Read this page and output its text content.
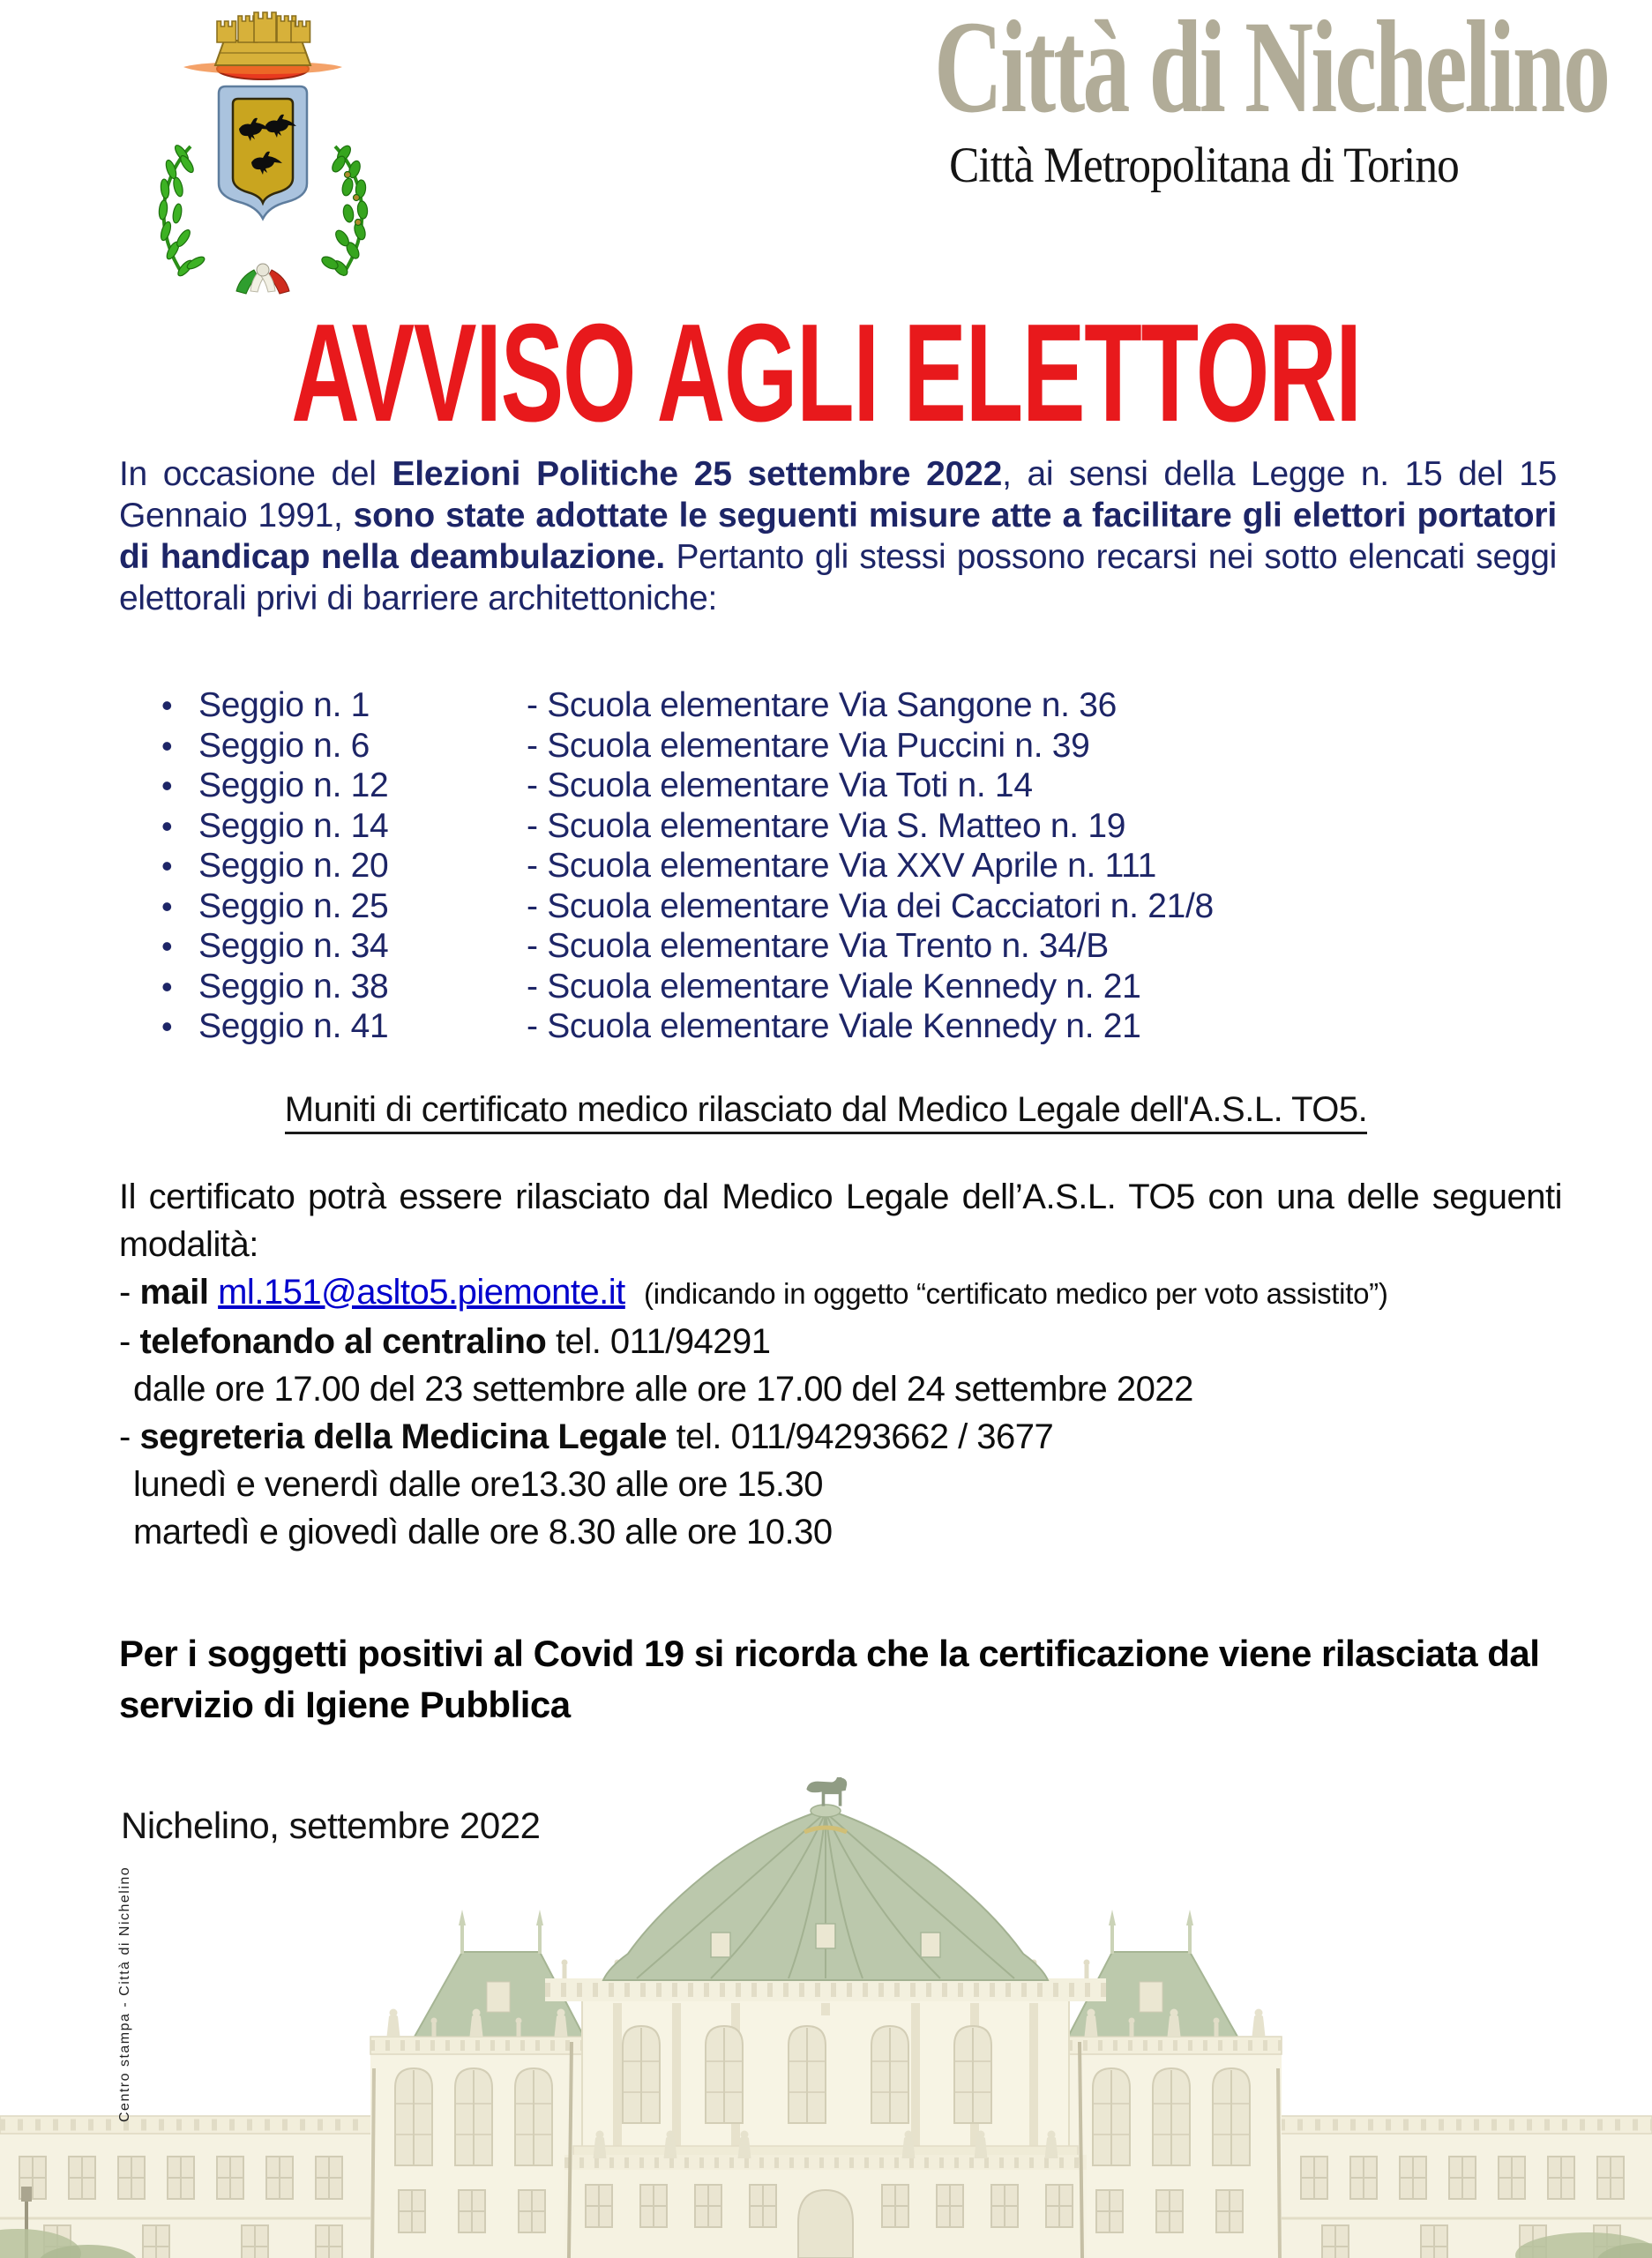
Città di Nichelino
Città Metropolitana di Torino
AVVISO AGLI ELETTORI

In occasione del Elezioni Politiche 25 settembre 2022, ai sensi della Legge n. 15 del 15 Gennaio 1991, sono state adottate le seguenti misure atte a facilitare gli elettori portatori di handicap nella deambulazione. Pertanto gli stessi possono recarsi nei sotto elencati seggi elettorali privi di barriere architettoniche:

• Seggio n. 1	- Scuola elementare Via Sangone n. 36
• Seggio n. 6	- Scuola elementare Via Puccini n. 39
• Seggio n. 12	- Scuola elementare Via Toti n. 14
• Seggio n. 14	- Scuola elementare Via S. Matteo n. 19
• Seggio n. 20	- Scuola elementare Via XXV Aprile n. 111
• Seggio n. 25	- Scuola elementare Via dei Cacciatori n. 21/8
• Seggio n. 34	- Scuola elementare Via Trento n. 34/B
• Seggio n. 38	- Scuola elementare Viale Kennedy n. 21
• Seggio n. 41	- Scuola elementare Viale Kennedy n. 21

Muniti di certificato medico rilasciato dal Medico Legale dell'A.S.L. TO5.

Il certificato potrà essere rilasciato dal Medico Legale dell’A.S.L. TO5 con una delle seguenti modalità:

- mail ml.151@aslto5.piemonte.it (indicando in oggetto “certificato medico per voto assistito”)

- telefonando al centralino tel. 011/94291

dalle ore 17.00 del 23 settembre alle ore 17.00 del 24 settembre 2022

- segreteria della Medicina Legale tel. 011/94293662 / 3677

lunedì e venerdì dalle ore13.30 alle ore 15.30

martedì e giovedì dalle ore 8.30 alle ore 10.30

Per i soggetti positivi al Covid 19 si ricorda che la certificazione viene rilasciata dal servizio di Igiene Pubblica

Nichelino, settembre 2022

Centro stampa - Città di Nichelino
